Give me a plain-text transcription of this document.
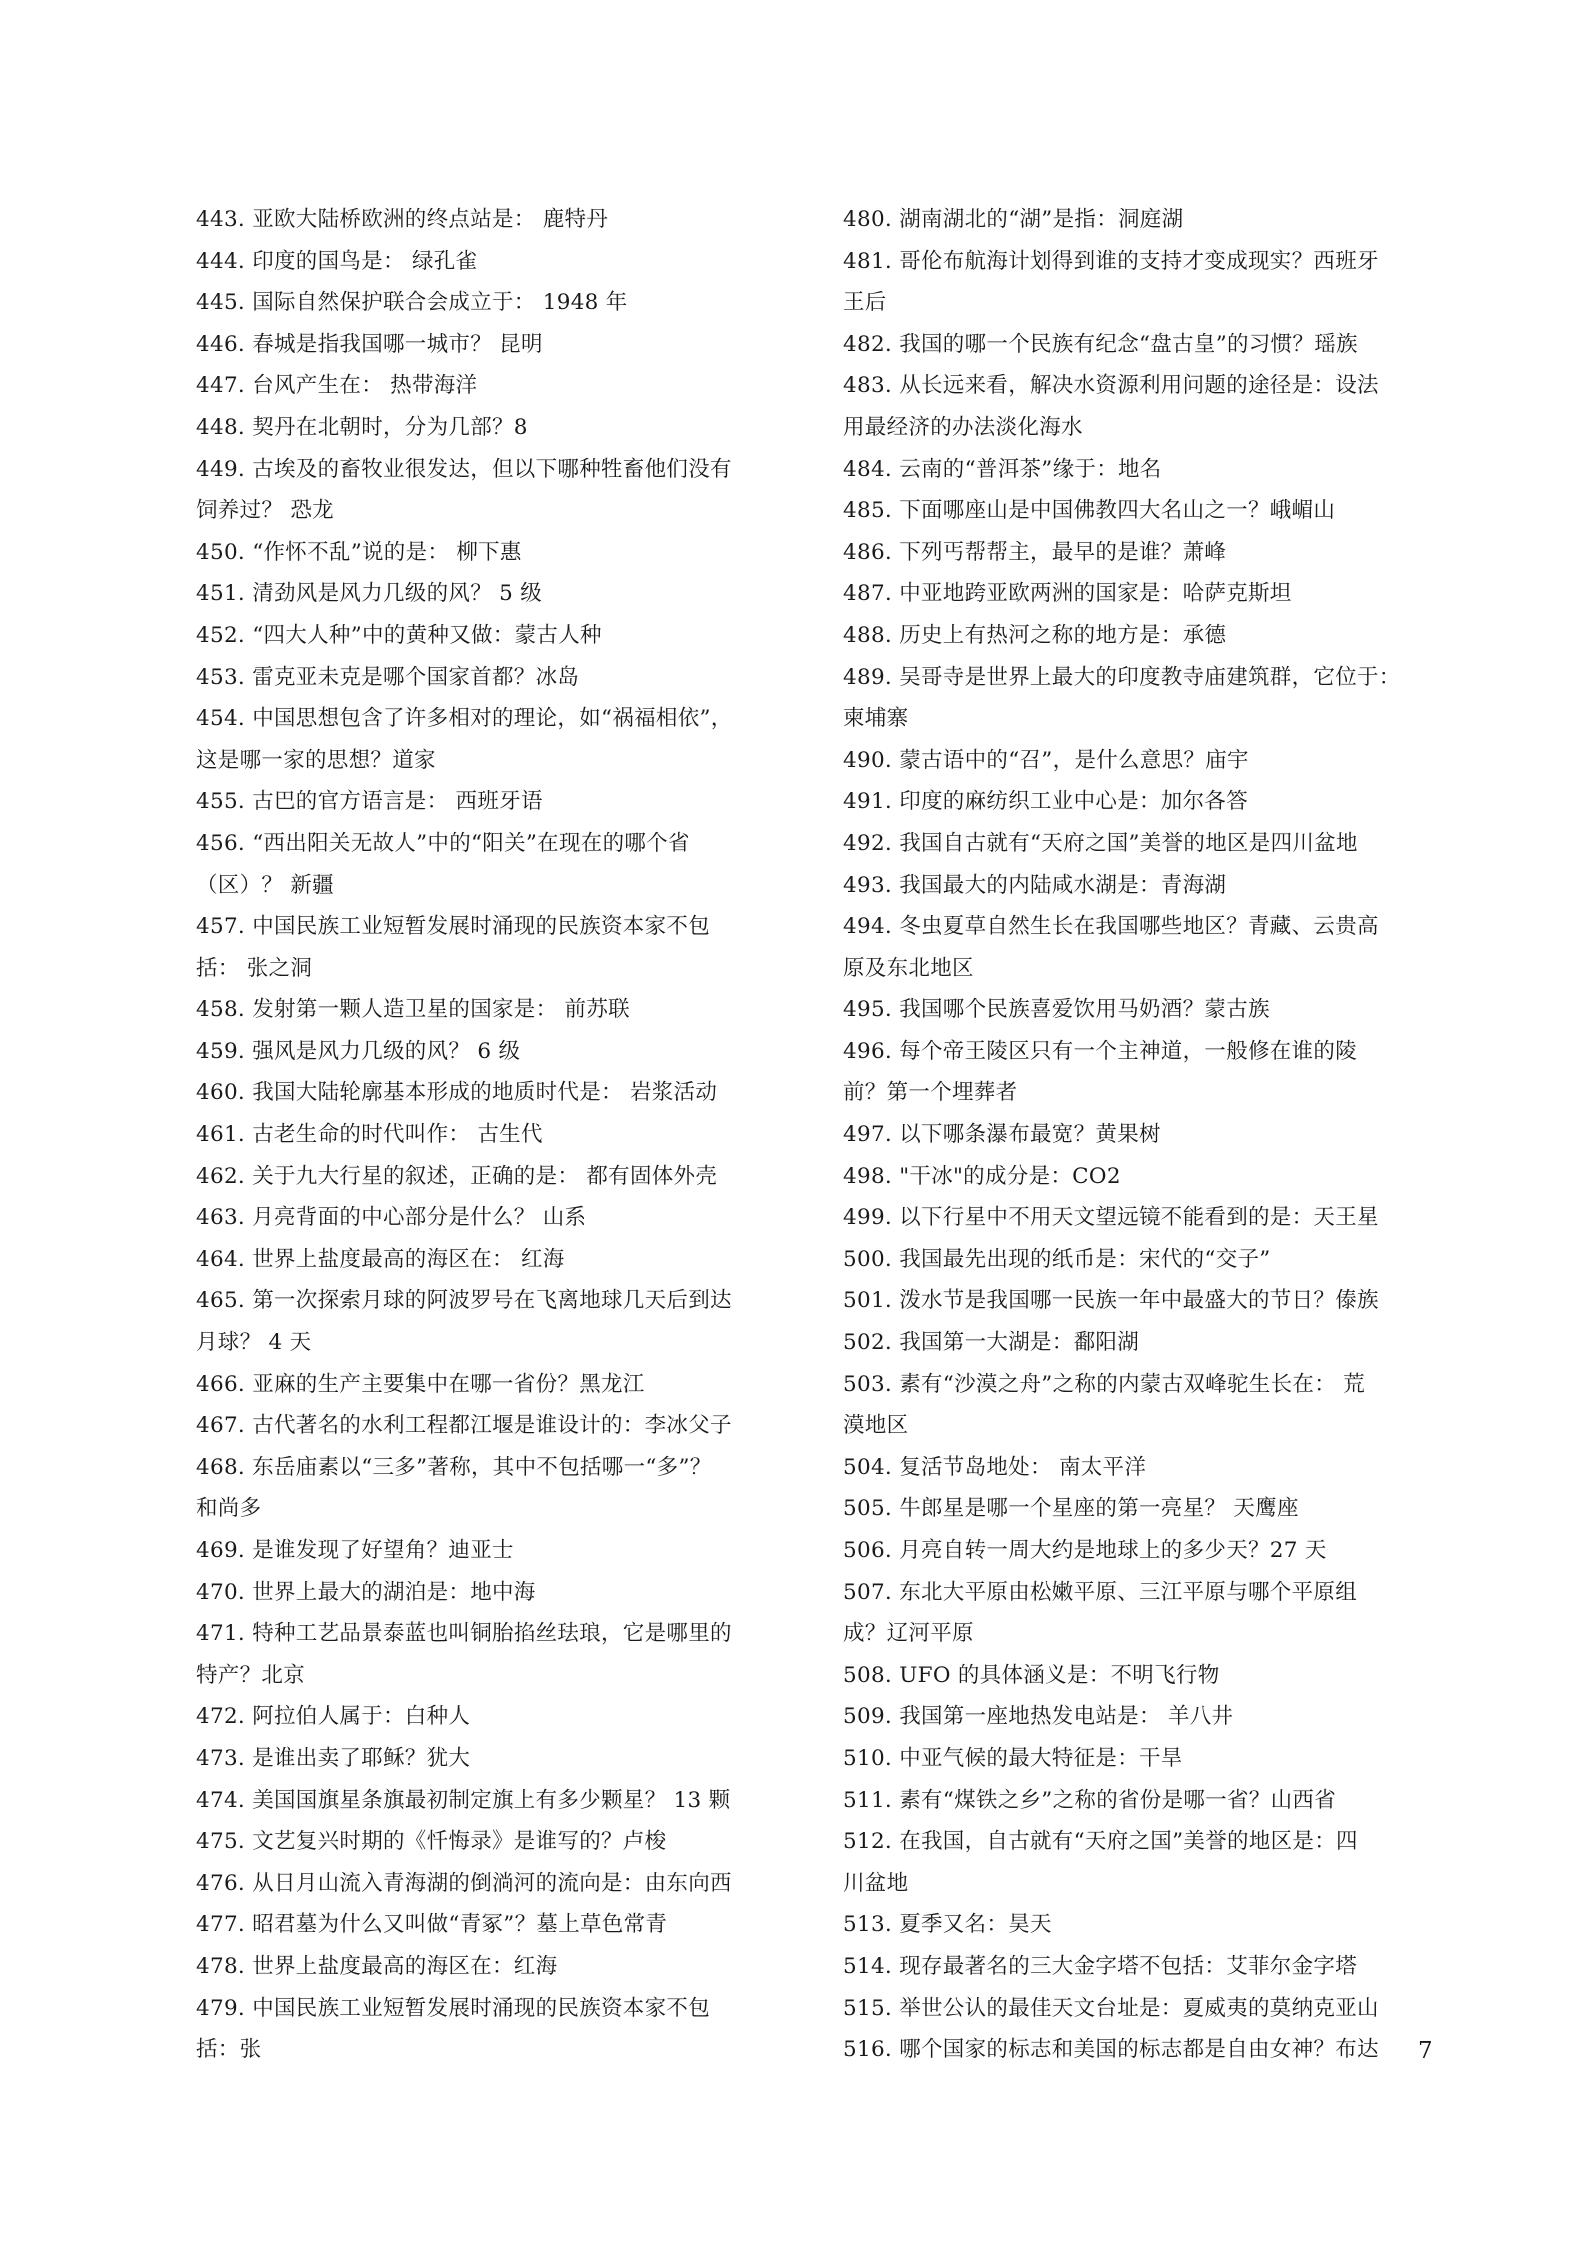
443. 亚欧大陆桥欧洲的终点站是： 鹿特丹
444. 印度的国鸟是： 绿孔雀
445. 国际自然保护联合会成立于： 1948 年
446. 春城是指我国哪一城市？ 昆明
447. 台风产生在： 热带海洋
448. 契丹在北朝时，分为几部？8
449. 古埃及的畜牧业很发达，但以下哪种牲畜他们没有
饲养过？ 恐龙
450. “作怀不乱”说的是： 柳下惠
451. 清劲风是风力几级的风？ 5 级
452. “四大人种”中的黄种又做：蒙古人种
453. 雷克亚未克是哪个国家首都？冰岛
454. 中国思想包含了许多相对的理论，如“祸福相依”，
这是哪一家的思想？道家
455. 古巴的官方语言是： 西班牙语
456. “西出阳关无故人”中的“阳关”在现在的哪个省
（区）？ 新疆
457. 中国民族工业短暂发展时涌现的民族资本家不包
括： 张之洞
458. 发射第一颗人造卫星的国家是： 前苏联
459. 强风是风力几级的风？ 6 级
460. 我国大陆轮廓基本形成的地质时代是： 岩浆活动
461. 古老生命的时代叫作： 古生代
462. 关于九大行星的叙述，正确的是： 都有固体外壳
463. 月亮背面的中心部分是什么？ 山系
464. 世界上盐度最高的海区在： 红海
465. 第一次探索月球的阿波罗号在飞离地球几天后到达
月球？ 4 天
466. 亚麻的生产主要集中在哪一省份？黑龙江
467. 古代著名的水利工程都江堰是谁设计的：李冰父子
468. 东岳庙素以“三多”著称，其中不包括哪一“多”？
和尚多
469. 是谁发现了好望角？迪亚士
470. 世界上最大的湖泊是：地中海
471. 特种工艺品景泰蓝也叫铜胎掐丝珐琅，它是哪里的
特产？北京
472. 阿拉伯人属于：白种人
473. 是谁出卖了耶稣？犹大
474. 美国国旗星条旗最初制定旗上有多少颗星？ 13 颗
475. 文艺复兴时期的《忏悔录》是谁写的？卢梭
476. 从日月山流入青海湖的倒淌河的流向是：由东向西
477. 昭君墓为什么又叫做“青冢”？墓上草色常青
478. 世界上盐度最高的海区在：红海
479. 中国民族工业短暂发展时涌现的民族资本家不包
括：张
480. 湖南湖北的“湖”是指：洞庭湖
481. 哥伦布航海计划得到谁的支持才变成现实？西班牙
王后
482. 我国的哪一个民族有纪念“盘古皇”的习惯？瑶族
483. 从长远来看，解决水资源利用问题的途径是：设法
用最经济的办法淡化海水
484. 云南的“普洱茶”缘于：地名
485. 下面哪座山是中国佛教四大名山之一？峨嵋山
486. 下列丐帮帮主，最早的是谁？萧峰
487. 中亚地跨亚欧两洲的国家是：哈萨克斯坦
488. 历史上有热河之称的地方是：承德
489. 吴哥寺是世界上最大的印度教寺庙建筑群，它位于：
柬埔寨
490. 蒙古语中的“召”，是什么意思？庙宇
491. 印度的麻纺织工业中心是：加尔各答
492. 我国自古就有“天府之国”美誉的地区是四川盆地
493. 我国最大的内陆咸水湖是：青海湖
494. 冬虫夏草自然生长在我国哪些地区？青藏、云贵高
原及东北地区
495. 我国哪个民族喜爱饮用马奶酒？蒙古族
496. 每个帝王陵区只有一个主神道，一般修在谁的陵
前？第一个埋葬者
497. 以下哪条瀑布最宽？黄果树
498. "干冰"的成分是：CO2
499. 以下行星中不用天文望远镜不能看到的是：天王星
500. 我国最先出现的纸币是：宋代的“交子”
501. 泼水节是我国哪一民族一年中最盛大的节日？傣族
502. 我国第一大湖是：鄱阳湖
503. 素有“沙漠之舟”之称的内蒙古双峰驼生长在： 荒
漠地区
504. 复活节岛地处： 南太平洋
505. 牛郎星是哪一个星座的第一亮星？ 天鹰座
506. 月亮自转一周大约是地球上的多少天？27 天
507. 东北大平原由松嫩平原、三江平原与哪个平原组
成？辽河平原
508. UFO 的具体涵义是：不明飞行物
509. 我国第一座地热发电站是： 羊八井
510. 中亚气候的最大特征是：干旱
511. 素有“煤铁之乡”之称的省份是哪一省？山西省
512. 在我国，自古就有“天府之国”美誉的地区是：四
川盆地
513. 夏季又名：昊天
514. 现存最著名的三大金字塔不包括：艾菲尔金字塔
515. 举世公认的最佳天文台址是：夏威夷的莫纳克亚山
516. 哪个国家的标志和美国的标志都是自由女神？布达	7
